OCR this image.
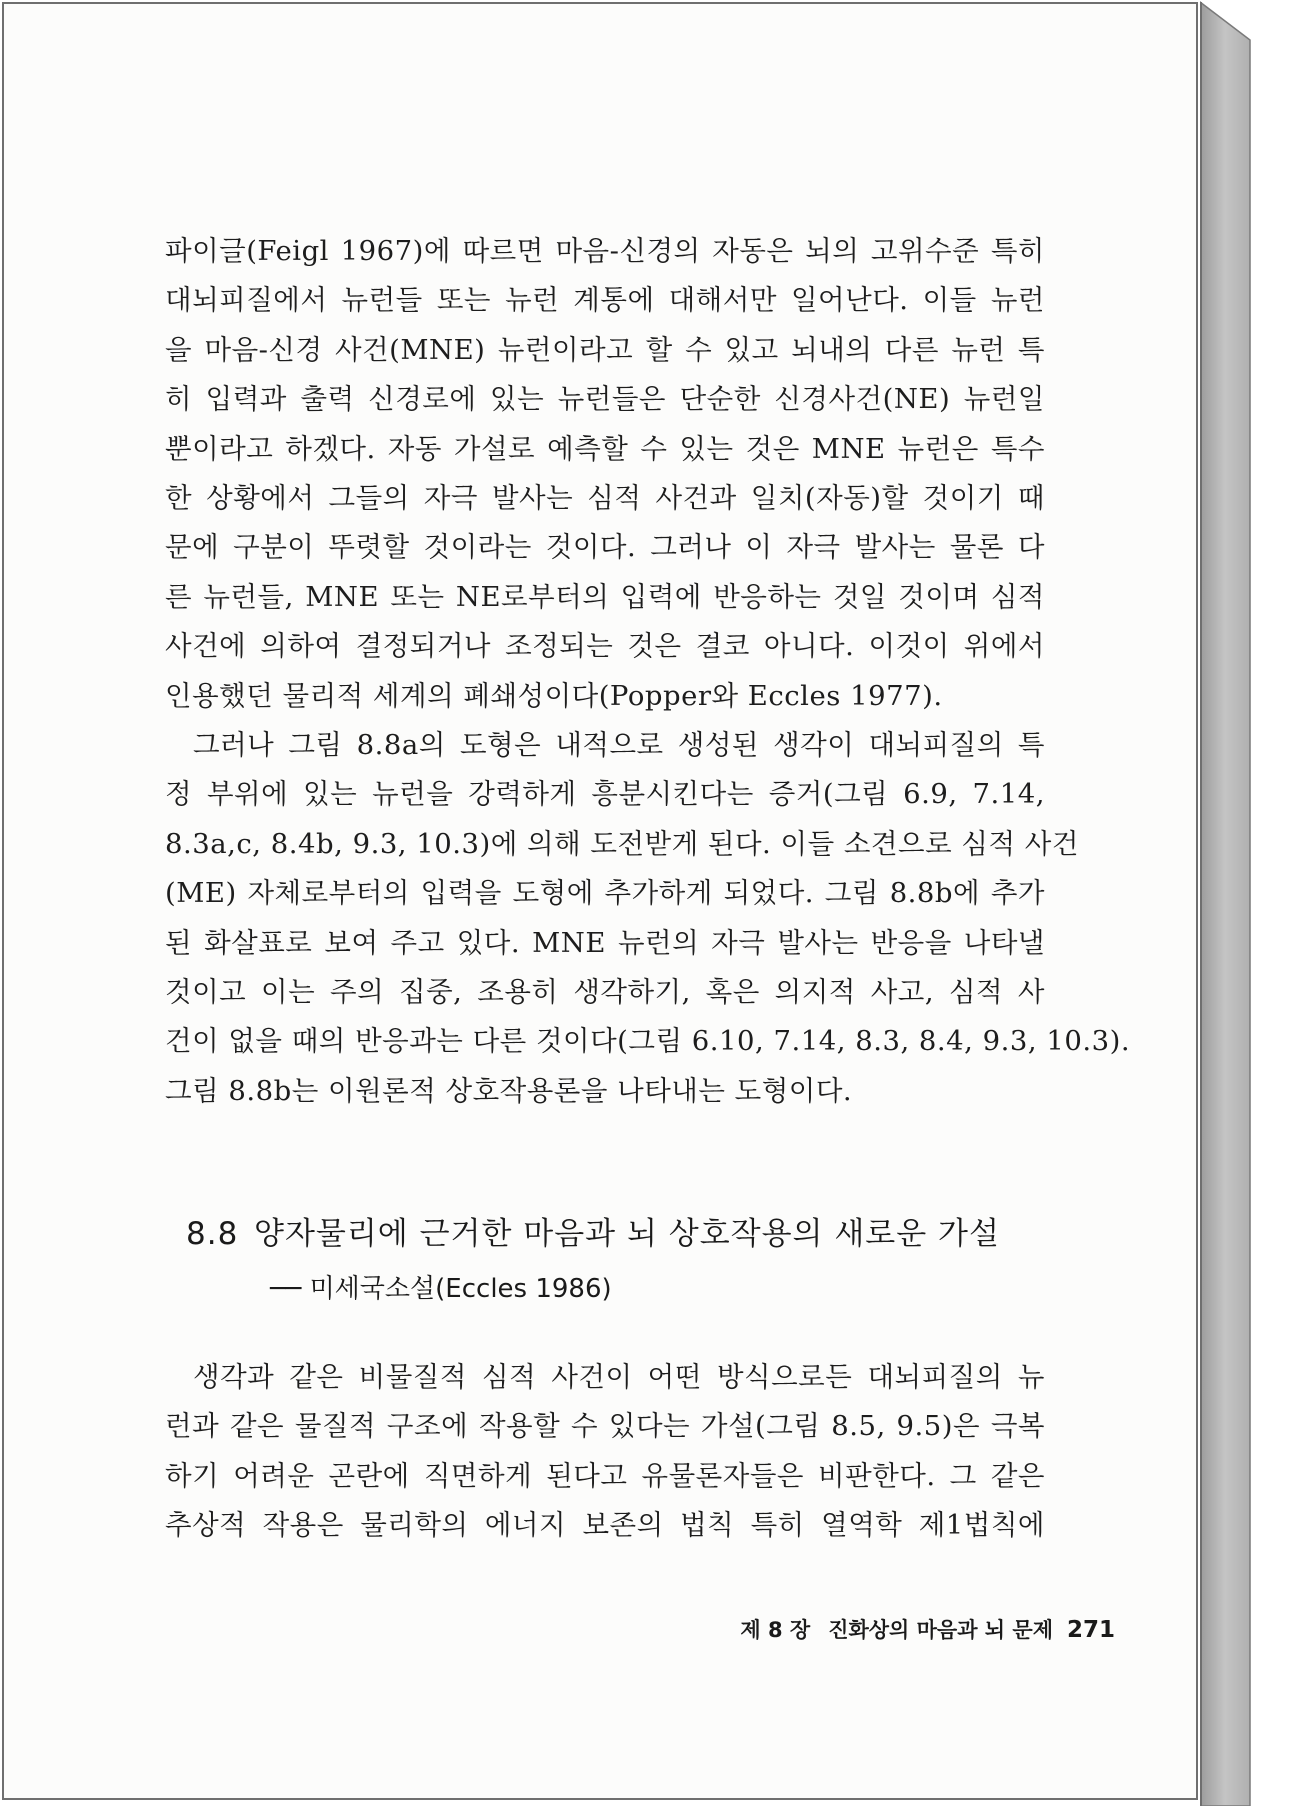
파이글(Feigl 1967)에 따르면 마음-신경의 자동은 뇌의 고위수준 특히
대뇌피질에서 뉴런들 또는 뉴런 계통에 대해서만 일어난다. 이들 뉴런
을 마음-신경 사건(MNE) 뉴런이라고 할 수 있고 뇌내의 다른 뉴런 특
히 입력과 출력 신경로에 있는 뉴런들은 단순한 신경사건(NE) 뉴런일
뿐이라고 하겠다. 자동 가설로 예측할 수 있는 것은 MNE 뉴런은 특수
한 상황에서 그들의 자극 발사는 심적 사건과 일치(자동)할 것이기 때
문에 구분이 뚜렷할 것이라는 것이다. 그러나 이 자극 발사는 물론 다
른 뉴런들, MNE 또는 NE로부터의 입력에 반응하는 것일 것이며 심적
사건에 의하여 결정되거나 조정되는 것은 결코 아니다. 이것이 위에서
인용했던 물리적 세계의 폐쇄성이다(Popper와 Eccles 1977).
그러나 그림 8.8a의 도형은 내적으로 생성된 생각이 대뇌피질의 특
정 부위에 있는 뉴런을 강력하게 흥분시킨다는 증거(그림 6.9, 7.14,
8.3a,c, 8.4b, 9.3, 10.3)에 의해 도전받게 된다. 이들 소견으로 심적 사건
(ME) 자체로부터의 입력을 도형에 추가하게 되었다. 그림 8.8b에 추가
된 화살표로 보여 주고 있다. MNE 뉴런의 자극 발사는 반응을 나타낼
것이고 이는 주의 집중, 조용히 생각하기, 혹은 의지적 사고, 심적 사
건이 없을 때의 반응과는 다른 것이다(그림 6.10, 7.14, 8.3, 8.4, 9.3, 10.3).
그림 8.8b는 이원론적 상호작용론을 나타내는 도형이다.
8.8 양자물리에 근거한 마음과 뇌 상호작용의 새로운 가설
── 미세국소설(Eccles 1986)
생각과 같은 비물질적 심적 사건이 어떤 방식으로든 대뇌피질의 뉴
런과 같은 물질적 구조에 작용할 수 있다는 가설(그림 8.5, 9.5)은 극복
하기 어려운 곤란에 직면하게 된다고 유물론자들은 비판한다. 그 같은
추상적 작용은 물리학의 에너지 보존의 법칙 특히 열역학 제1법칙에
제 8 장 진화상의 마음과 뇌 문제 271
